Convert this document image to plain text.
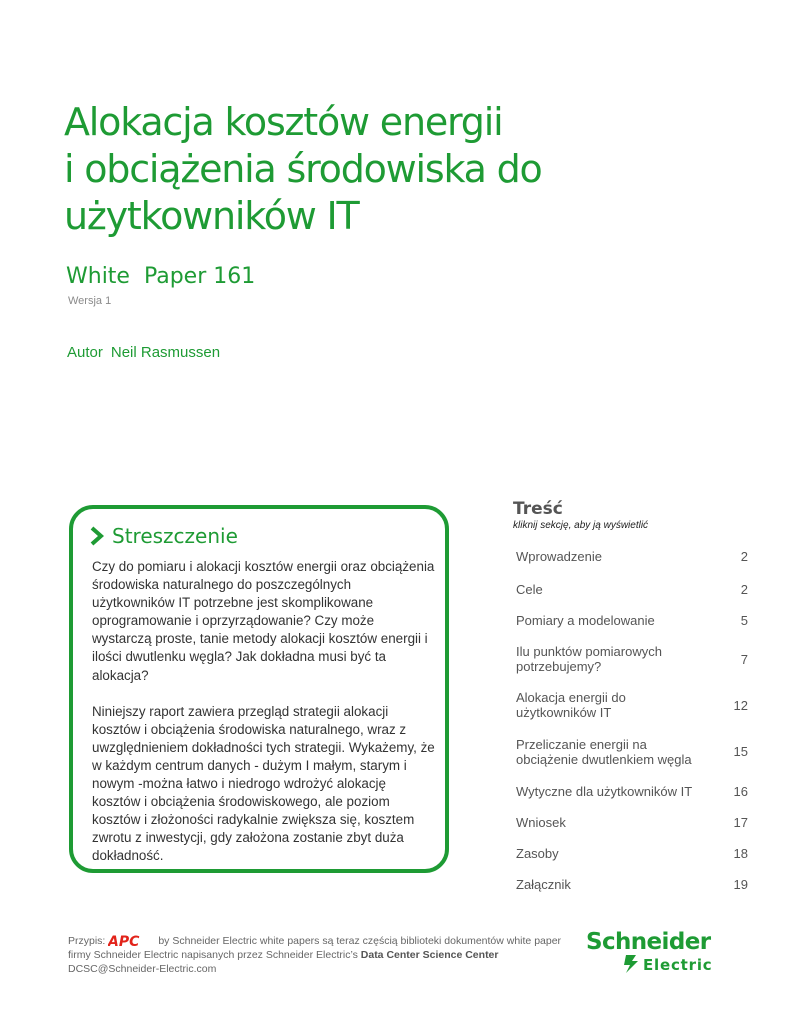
Alokacja kosztów energii
i obciążenia środowiska do
użytkowników IT
White  Paper 161
Wersja 1
Autor Neil Rasmussen
Streszczenie

Czy do pomiaru i alokacji kosztów energii oraz obciążenia środowiska naturalnego do poszczególnych użytkowników IT potrzebne jest skomplikowane oprogramowanie i oprzyrządowanie? Czy może wystarczą proste, tanie metody alokacji kosztów energii i ilości dwutlenku węgla? Jak dokładna musi być ta alokacja?

Niniejszy raport zawiera przegląd strategii alokacji kosztów i obciążenia środowiska naturalnego, wraz z uwzględnieniem dokładności tych strategii. Wykażemy, że w każdym centrum danych - dużym I małym, starym i nowym -można łatwo i niedrogo wdrożyć alokację kosztów i obciążenia środowiskowego, ale poziom kosztów i złożoności radykalnie zwiększa się, kosztem zwrotu z inwestycji, gdy założona zostanie zbyt duża dokładność.

Treść
kliknij sekcję, aby ją wyświetlić
Wprowadzenie	2
Cele	2
Pomiary a modelowanie	5
Ilu punktów pomiarowych potrzebujemy?	7
Alokacja energii do użytkowników IT	12
Przeliczanie energii na obciążenie dwutlenkiem węgla	15
Wytyczne dla użytkowników IT	16
Wniosek	17
Zasoby	18
Załącznik	19
Przypis: APC by Schneider Electric white papers są teraz częścią biblioteki dokumentów white paper firmy Schneider Electric napisanych przez Schneider Electric’s Data Center Science Center
DCSC@Schneider-Electric.com
Schneider
Electric
